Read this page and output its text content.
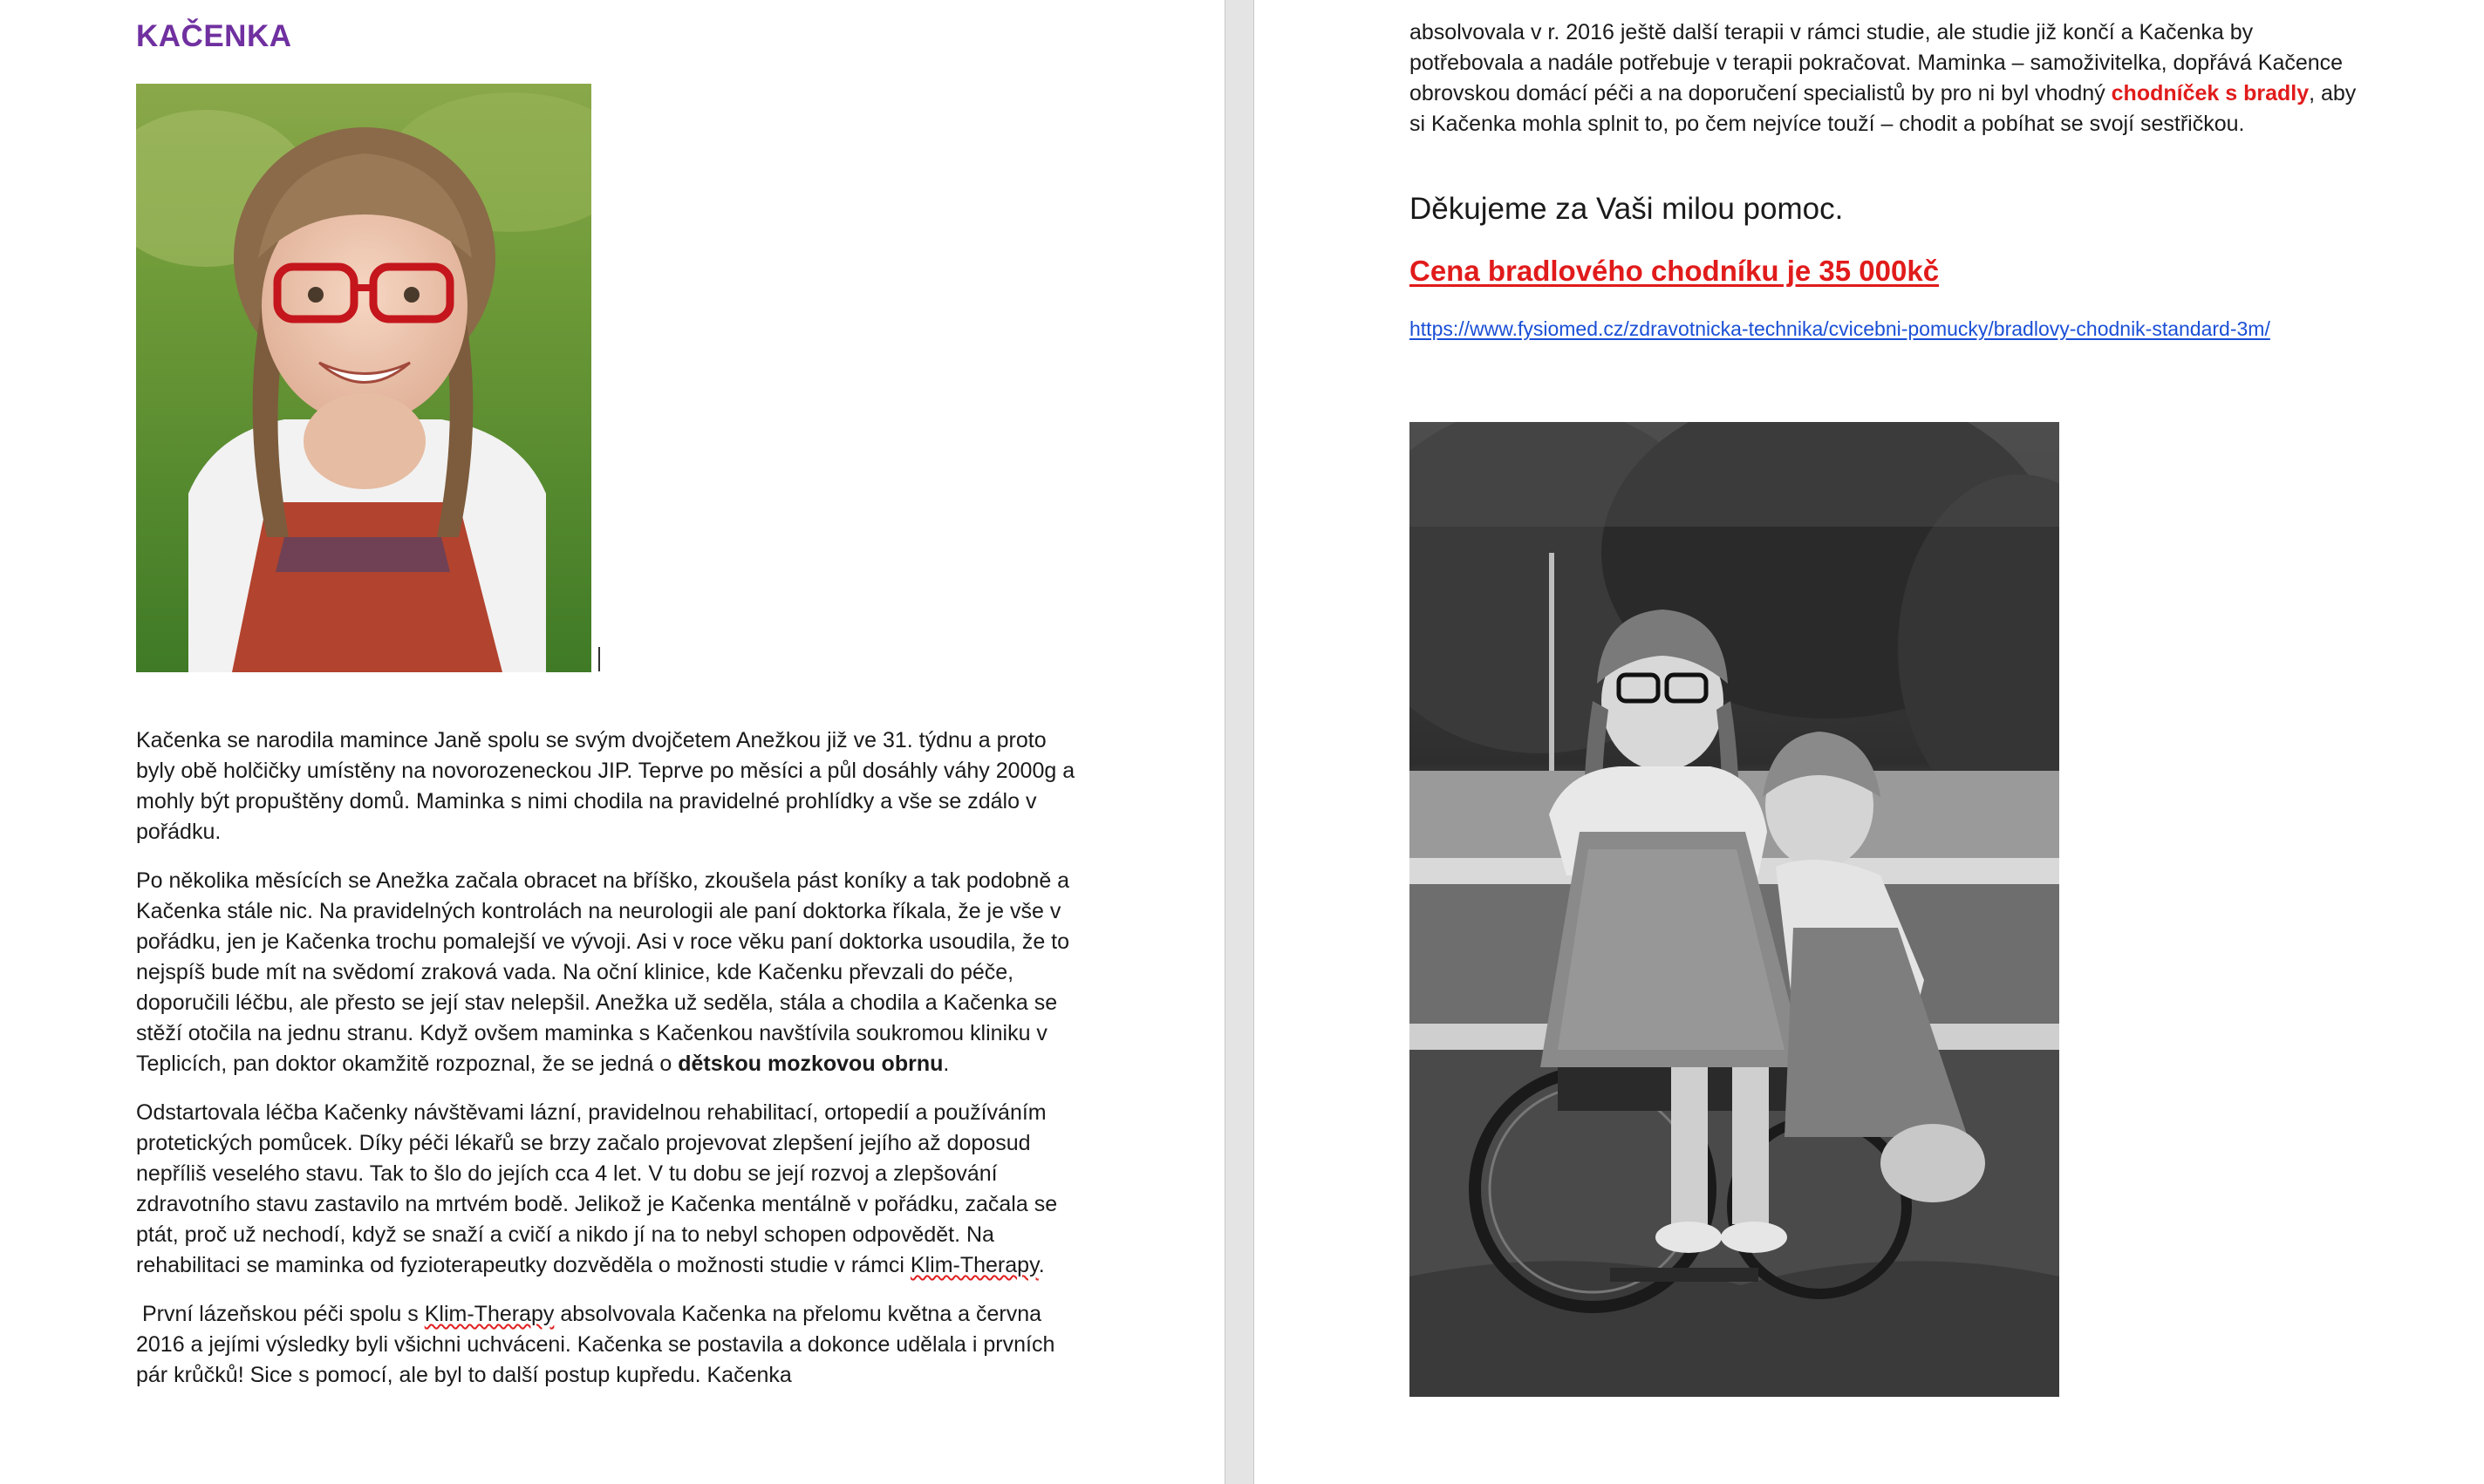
KAČENKA

Kačenka se narodila mamince Janě spolu se svým dvojčetem Anežkou již ve 31. týdnu a proto byly obě holčičky umístěny na novorozeneckou JIP. Teprve po měsíci a půl dosáhly váhy 2000g a mohly být propuštěny domů. Maminka s nimi chodila na pravidelné prohlídky a vše se zdálo v pořádku.

Po několika měsících se Anežka začala obracet na bříško, zkoušela pást koníky a tak podobně a Kačenka stále nic. Na pravidelných kontrolách na neurologii ale paní doktorka říkala, že je vše v pořádku, jen je Kačenka trochu pomalejší ve vývoji. Asi v roce věku paní doktorka usoudila, že to nejspíš bude mít na svědomí zraková vada. Na oční klinice, kde Kačenku převzali do péče, doporučili léčbu, ale přesto se její stav nelepšil. Anežka už seděla, stála a chodila a Kačenka se stěží otočila na jednu stranu. Když ovšem maminka s Kačenkou navštívila soukromou kliniku v Teplicích, pan doktor okamžitě rozpoznal, že se jedná o dětskou mozkovou obrnu.

Odstartovala léčba Kačenky návštěvami lázní, pravidelnou rehabilitací, ortopedií a používáním protetických pomůcek. Díky péči lékařů se brzy začalo projevovat zlepšení jejího až doposud nepříliš veselého stavu. Tak to šlo do jejích cca 4 let. V tu dobu se její rozvoj a zlepšování zdravotního stavu zastavilo na mrtvém bodě. Jelikož je Kačenka mentálně v pořádku, začala se ptát, proč už nechodí, když se snaží a cvičí a nikdo jí na to nebyl schopen odpovědět. Na rehabilitaci se maminka od fyzioterapeutky dozvěděla o možnosti studie v rámci Klim-Therapy.

První lázeňskou péči spolu s Klim-Therapy absolvovala Kačenka na přelomu května a června 2016 a jejími výsledky byli všichni uchváceni. Kačenka se postavila a dokonce udělala i prvních pár krůčků! Sice s pomocí, ale byl to další postup kupředu. Kačenka

absolvovala v r. 2016 ještě další terapii v rámci studie, ale studie již končí a Kačenka by potřebovala a nadále potřebuje v terapii pokračovat. Maminka – samoživitelka, dopřává Kačence obrovskou domácí péči a na doporučení specialistů by pro ni byl vhodný chodníček s bradly, aby si Kačenka mohla splnit to, po čem nejvíce touží – chodit a pobíhat se svojí sestřičkou.

Děkujeme za Vaši milou pomoc.
Cena bradlového chodníku je 35 000kč
https://www.fysiomed.cz/zdravotnicka-technika/cvicebni-pomucky/bradlovy-chodnik-standard-3m/
